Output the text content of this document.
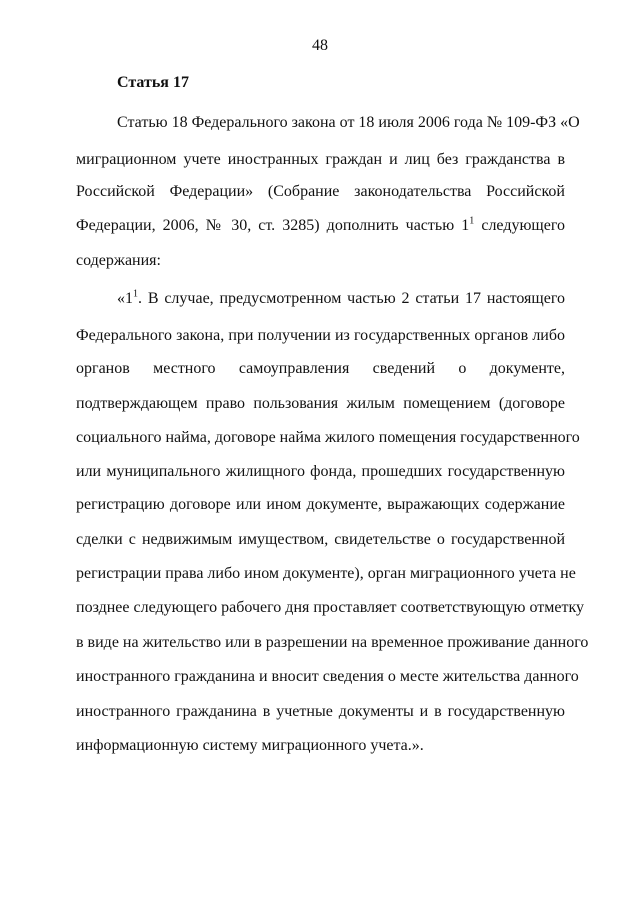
48
Статья 17
Статью 18 Федерального закона от 18 июля 2006 года № 109-ФЗ «О
миграционном учете иностранных граждан и лиц без гражданства в
Российской Федерации» (Собрание законодательства Российской
Федерации, 2006, № 30, ст. 3285) дополнить частью $1^1$ следующего
содержания:
«$1^1$. В случае, предусмотренном частью 2 статьи 17 настоящего
Федерального закона, при получении из государственных органов либо
органов местного самоуправления сведений о документе,
подтверждающем право пользования жилым помещением (договоре
социального найма, договоре найма жилого помещения государственного
или муниципального жилищного фонда, прошедших государственную
регистрацию договоре или ином документе, выражающих содержание
сделки с недвижимым имуществом, свидетельстве о государственной
регистрации права либо ином документе), орган миграционного учета не
позднее следующего рабочего дня проставляет соответствующую отметку
в виде на жительство или в разрешении на временное проживание данного
иностранного гражданина и вносит сведения о месте жительства данного
иностранного гражданина в учетные документы и в государственную
информационную систему миграционного учета.».
